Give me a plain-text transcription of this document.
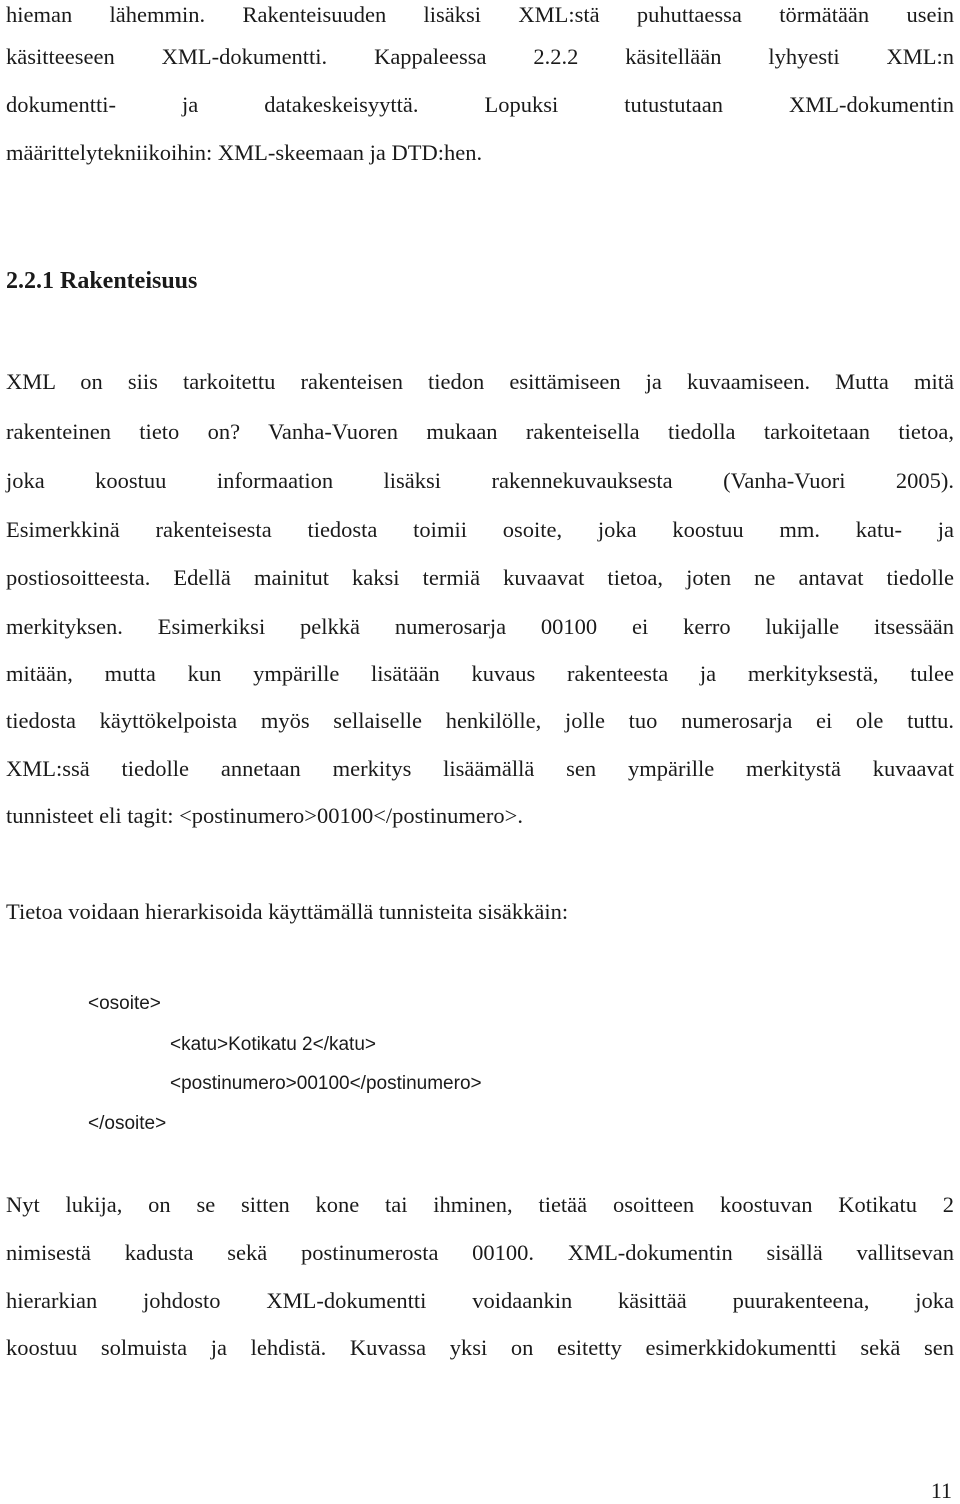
hieman lähemmin. Rakenteisuuden lisäksi XML:stä puhuttaessa törmätään usein
käsitteeseen XML-dokumentti. Kappaleessa 2.2.2 käsitellään lyhyesti XML:n
dokumentti- ja datakeskeisyyttä. Lopuksi tutustutaan XML-dokumentin
määrittelytekniikoihin: XML-skeemaan ja DTD:hen.
2.2.1 Rakenteisuus
XML on siis tarkoitettu rakenteisen tiedon esittämiseen ja kuvaamiseen. Mutta mitä
rakenteinen tieto on? Vanha-Vuoren mukaan rakenteisella tiedolla tarkoitetaan tietoa,
joka koostuu informaation lisäksi rakennekuvauksesta (Vanha-Vuori 2005).
Esimerkkinä rakenteisesta tiedosta toimii osoite, joka koostuu mm. katu- ja
postiosoitteesta. Edellä mainitut kaksi termiä kuvaavat tietoa, joten ne antavat tiedolle
merkityksen. Esimerkiksi pelkkä numerosarja 00100 ei kerro lukijalle itsessään
mitään, mutta kun ympärille lisätään kuvaus rakenteesta ja merkityksestä, tulee
tiedosta käyttökelpoista myös sellaiselle henkilölle, jolle tuo numerosarja ei ole tuttu.
XML:ssä tiedolle annetaan merkitys lisäämällä sen ympärille merkitystä kuvaavat
tunnisteet eli tagit: <postinumero>00100</postinumero>.
Tietoa voidaan hierarkisoida käyttämällä tunnisteita sisäkkäin:
<osoite>
<katu>Kotikatu 2</katu>
<postinumero>00100</postinumero>
</osoite>
Nyt lukija, on se sitten kone tai ihminen, tietää osoitteen koostuvan Kotikatu 2
nimisestä kadusta sekä postinumerosta 00100. XML-dokumentin sisällä vallitsevan
hierarkian johdosto XML-dokumentti voidaankin käsittää puurakenteena, joka
koostuu solmuista ja lehdistä. Kuvassa yksi on esitetty esimerkkidokumentti sekä sen
11
